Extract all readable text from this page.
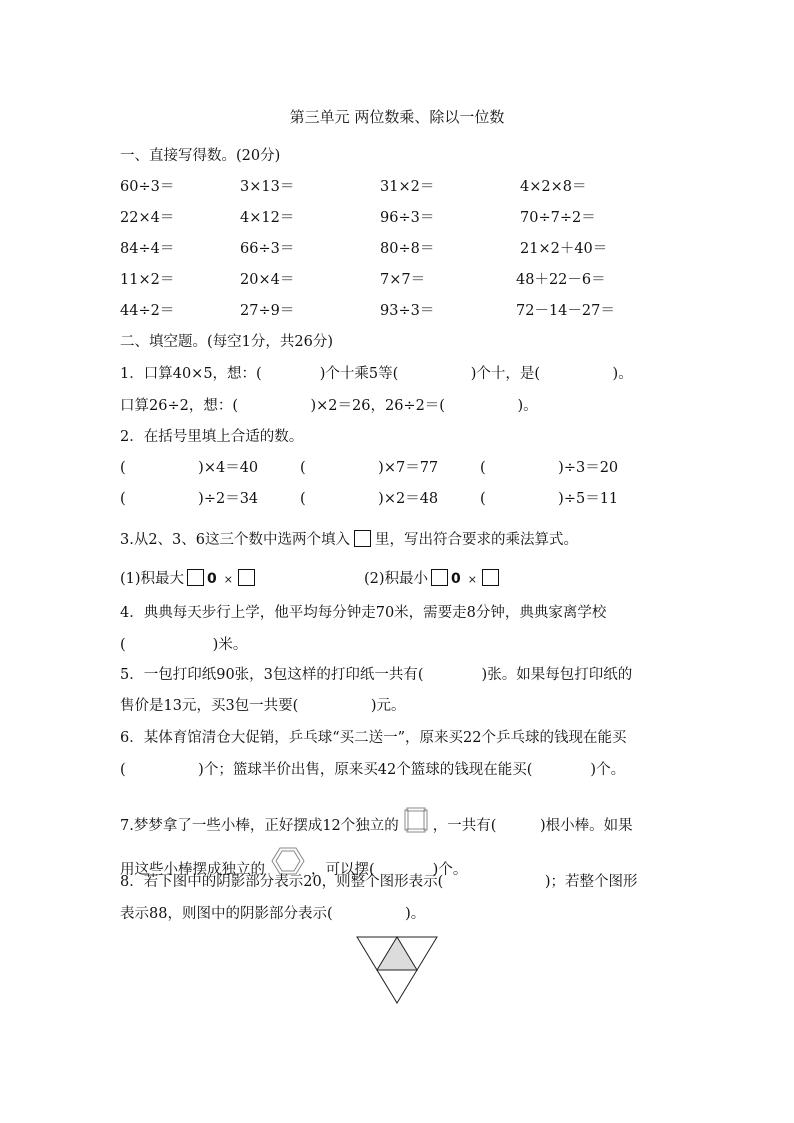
第三单元 两位数乘、除以一位数
一、直接写得数。(20分)
60÷3＝	3×13＝	31×2＝	4×2×8＝
22×4＝	4×12＝	96÷3＝	70÷7÷2＝
84÷4＝	66÷3＝	80÷8＝	21×2＋40＝
11×2＝	20×4＝	7×7＝	48＋22－6＝
44÷2＝	27÷9＝	93÷3＝	72－14－27＝
二、填空题。(每空1分，共26分)
1．口算40×5，想：(　　　　)个十乘5等(　　　　　)个十，是(　　　　　)。
口算26÷2，想：(　　　　　)×2＝26，26÷2＝(　　　　　)。
2．在括号里填上合适的数。
(　　　　　)×4＝40	(　　　　　)×7＝77	(　　　　　)÷3＝20
(　　　　　)÷2＝34	(　　　　　)×2＝48	(　　　　　)÷5＝11
3.从2、3、6这三个数中选两个填入 里，写出符合要求的乘法算式。
(1)积最大 0 ×	(2)积最小 0 ×
4．典典每天步行上学，他平均每分钟走70米，需要走8分钟，典典家离学校
(　　　　　　)米。
5．一包打印纸90张，3包这样的打印纸一共有(　　　　)张。如果每包打印纸的
售价是13元，买3包一共要(　　　　　)元。
6．某体育馆清仓大促销，乒乓球“买二送一”，原来买22个乒乓球的钱现在能买
(　　　　　)个；篮球半价出售，原来买42个篮球的钱现在能买(　　　　)个。
7.梦梦拿了一些小棒，正好摆成12个独立的 ，一共有(　　　)根小棒。如果
用这些小棒摆成独立的	，可以摆(　　　　)个。
8．若下图中的阴影部分表示20，则整个图形表示(　　　　　　　)；若整个图形
表示88，则图中的阴影部分表示(　　　　　)。
